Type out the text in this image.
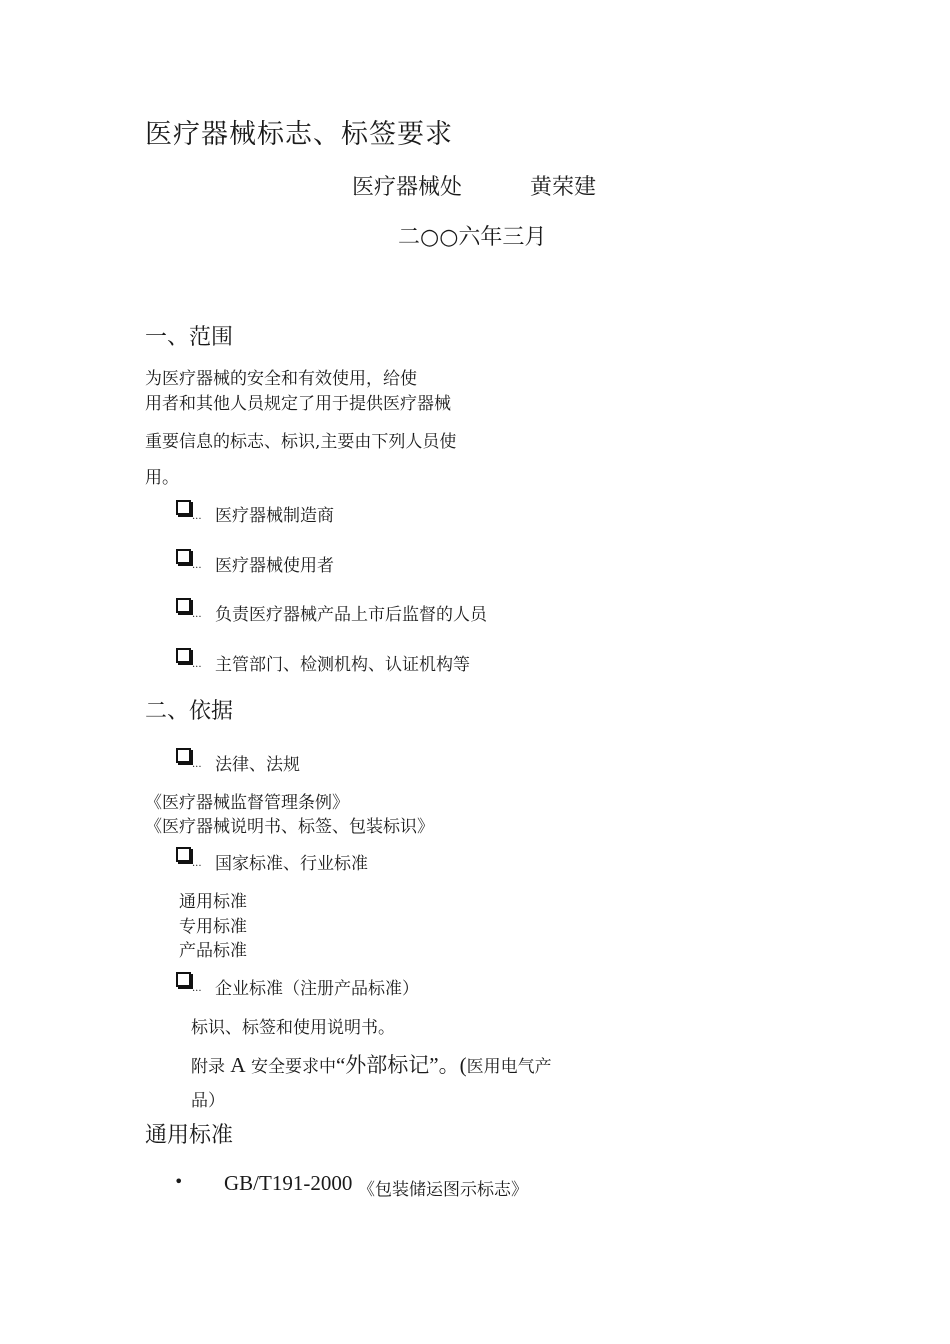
医疗器械标志、标签要求
医疗器械处	黄荣建
二○○六年三月
一、范围
为医疗器械的安全和有效使用，给使
用者和其他人员规定了用于提供医疗器械
重要信息的标志、标识,主要由下列人员使
用。
... 医疗器械制造商
... 医疗器械使用者
... 负责医疗器械产品上市后监督的人员
... 主管部门、检测机构、认证机构等
二、依据
... 法律、法规
《医疗器械监督管理条例》
《医疗器械说明书、标签、包装标识》
... 国家标准、行业标准
通用标准
专用标准
产品标准
... 企业标准（注册产品标准）
标识、标签和使用说明书。
附录 A 安全要求中“外部标记”。(医用电气产
品）
通用标准
• GB/T191-2000 《包装储运图示标志》
